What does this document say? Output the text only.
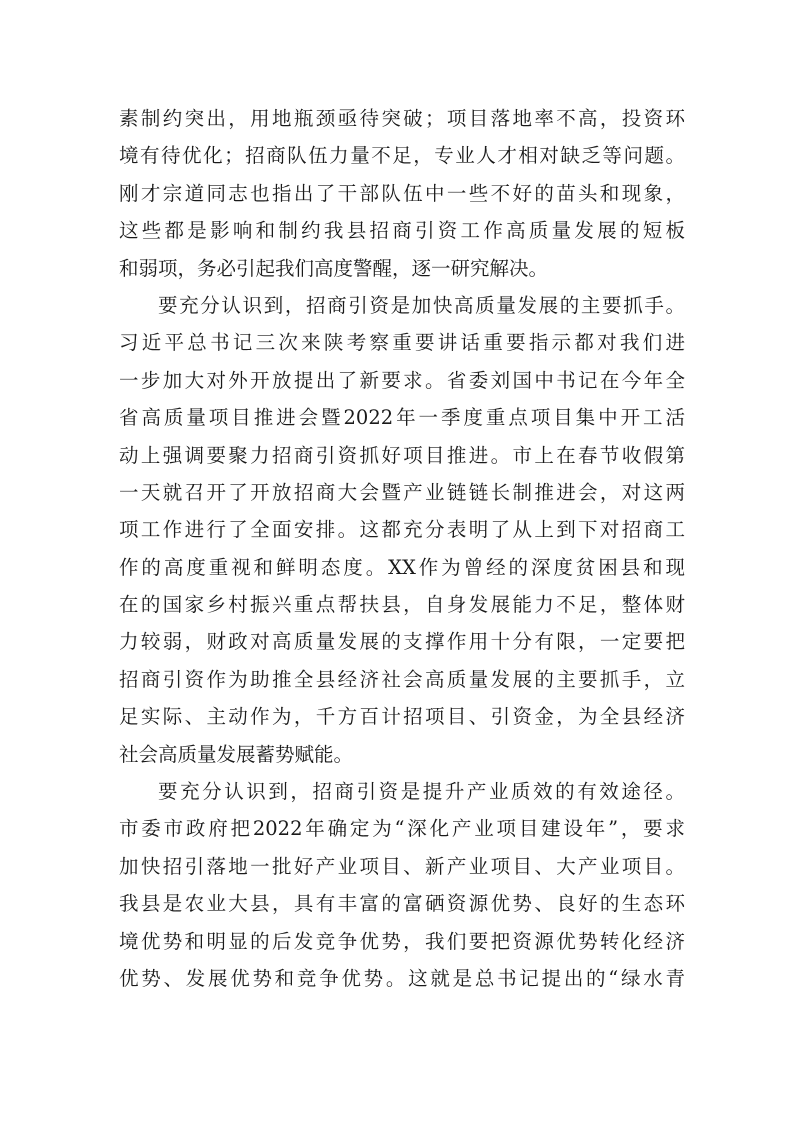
素制约突出，用地瓶颈亟待突破；项目落地率不高，投资环
境有待优化；招商队伍力量不足，专业人才相对缺乏等问题。
刚才宗道同志也指出了干部队伍中一些不好的苗头和现象，
这些都是影响和制约我县招商引资工作高质量发展的短板
和弱项，务必引起我们高度警醒，逐一研究解决。
要充分认识到，招商引资是加快高质量发展的主要抓手。
习近平总书记三次来陕考察重要讲话重要指示都对我们进
一步加大对外开放提出了新要求。省委刘国中书记在今年全
省高质量项目推进会暨2022年一季度重点项目集中开工活
动上强调要聚力招商引资抓好项目推进。市上在春节收假第
一天就召开了开放招商大会暨产业链链长制推进会，对这两
项工作进行了全面安排。这都充分表明了从上到下对招商工
作的高度重视和鲜明态度。XX作为曾经的深度贫困县和现
在的国家乡村振兴重点帮扶县，自身发展能力不足，整体财
力较弱，财政对高质量发展的支撑作用十分有限，一定要把
招商引资作为助推全县经济社会高质量发展的主要抓手，立
足实际、主动作为，千方百计招项目、引资金，为全县经济
社会高质量发展蓄势赋能。
要充分认识到，招商引资是提升产业质效的有效途径。
市委市政府把2022年确定为“深化产业项目建设年”，要求
加快招引落地一批好产业项目、新产业项目、大产业项目。
我县是农业大县，具有丰富的富硒资源优势、良好的生态环
境优势和明显的后发竞争优势，我们要把资源优势转化经济
优势、发展优势和竞争优势。这就是总书记提出的“绿水青
